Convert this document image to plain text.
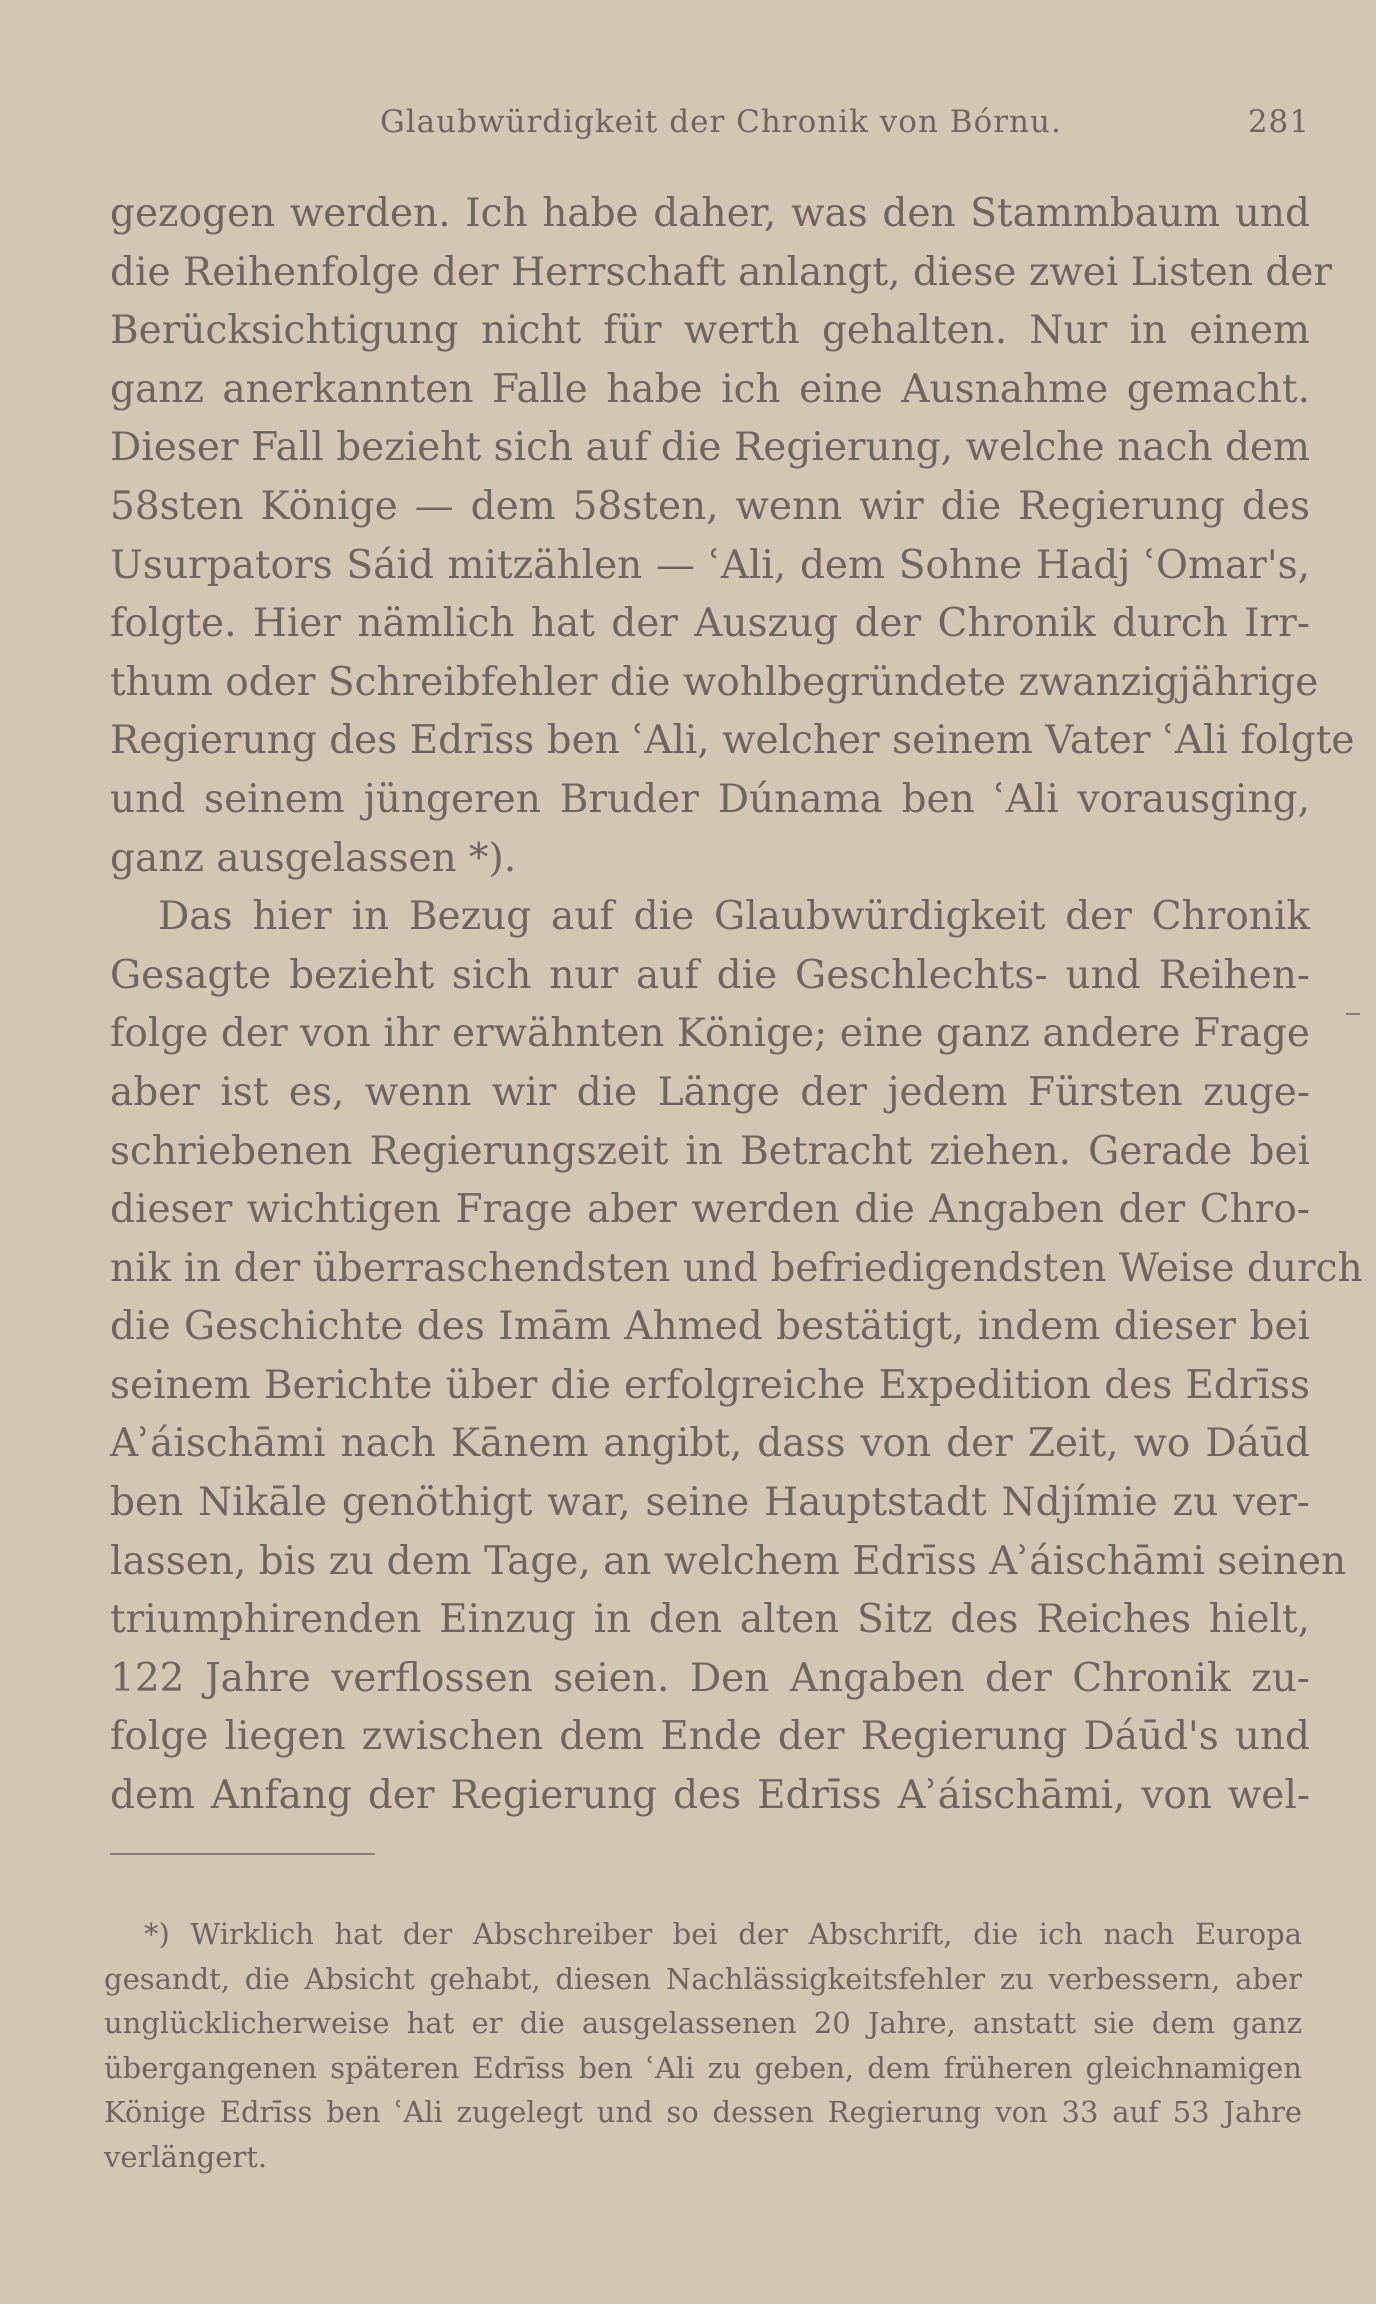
Glaubwürdigkeit der Chronik von Bórnu.	281
gezogen werden. Ich habe daher, was den Stammbaum und
die Reihenfolge der Herrschaft anlangt, diese zwei Listen der
Berücksichtigung nicht für werth gehalten. Nur in einem
ganz anerkannten Falle habe ich eine Ausnahme gemacht.
Dieser Fall bezieht sich auf die Regierung, welche nach dem
58sten Könige — dem 58sten, wenn wir die Regierung des
Usurpators Sáid mitzählen — ʿAli, dem Sohne Hadj ʿOmar's,
folgte. Hier nämlich hat der Auszug der Chronik durch Irr-
thum oder Schreibfehler die wohlbegründete zwanzigjährige
Regierung des Edrīss ben ʿAli, welcher seinem Vater ʿAli folgte
und seinem jüngeren Bruder Dúnama ben ʿAli vorausging,
ganz ausgelassen *).
Das hier in Bezug auf die Glaubwürdigkeit der Chronik
Gesagte bezieht sich nur auf die Geschlechts- und Reihen-
folge der von ihr erwähnten Könige; eine ganz andere Frage
aber ist es, wenn wir die Länge der jedem Fürsten zuge-
schriebenen Regierungszeit in Betracht ziehen. Gerade bei
dieser wichtigen Frage aber werden die Angaben der Chro-
nik in der überraschendsten und befriedigendsten Weise durch
die Geschichte des Imām Ahmed bestätigt, indem dieser bei
seinem Berichte über die erfolgreiche Expedition des Edrīss
Aʾáischāmi nach Kānem angibt, dass von der Zeit, wo Dáūd
ben Nikāle genöthigt war, seine Hauptstadt Ndjímie zu ver-
lassen, bis zu dem Tage, an welchem Edrīss Aʾáischāmi seinen
triumphirenden Einzug in den alten Sitz des Reiches hielt,
122 Jahre verflossen seien. Den Angaben der Chronik zu-
folge liegen zwischen dem Ende der Regierung Dáūd's und
dem Anfang der Regierung des Edrīss Aʾáischāmi, von wel-
*) Wirklich hat der Abschreiber bei der Abschrift, die ich nach Europa
gesandt, die Absicht gehabt, diesen Nachlässigkeitsfehler zu verbessern, aber
unglücklicherweise hat er die ausgelassenen 20 Jahre, anstatt sie dem ganz
übergangenen späteren Edrīss ben ʿAli zu geben, dem früheren gleichnamigen
Könige Edrīss ben ʿAli zugelegt und so dessen Regierung von 33 auf 53 Jahre
verlängert.
